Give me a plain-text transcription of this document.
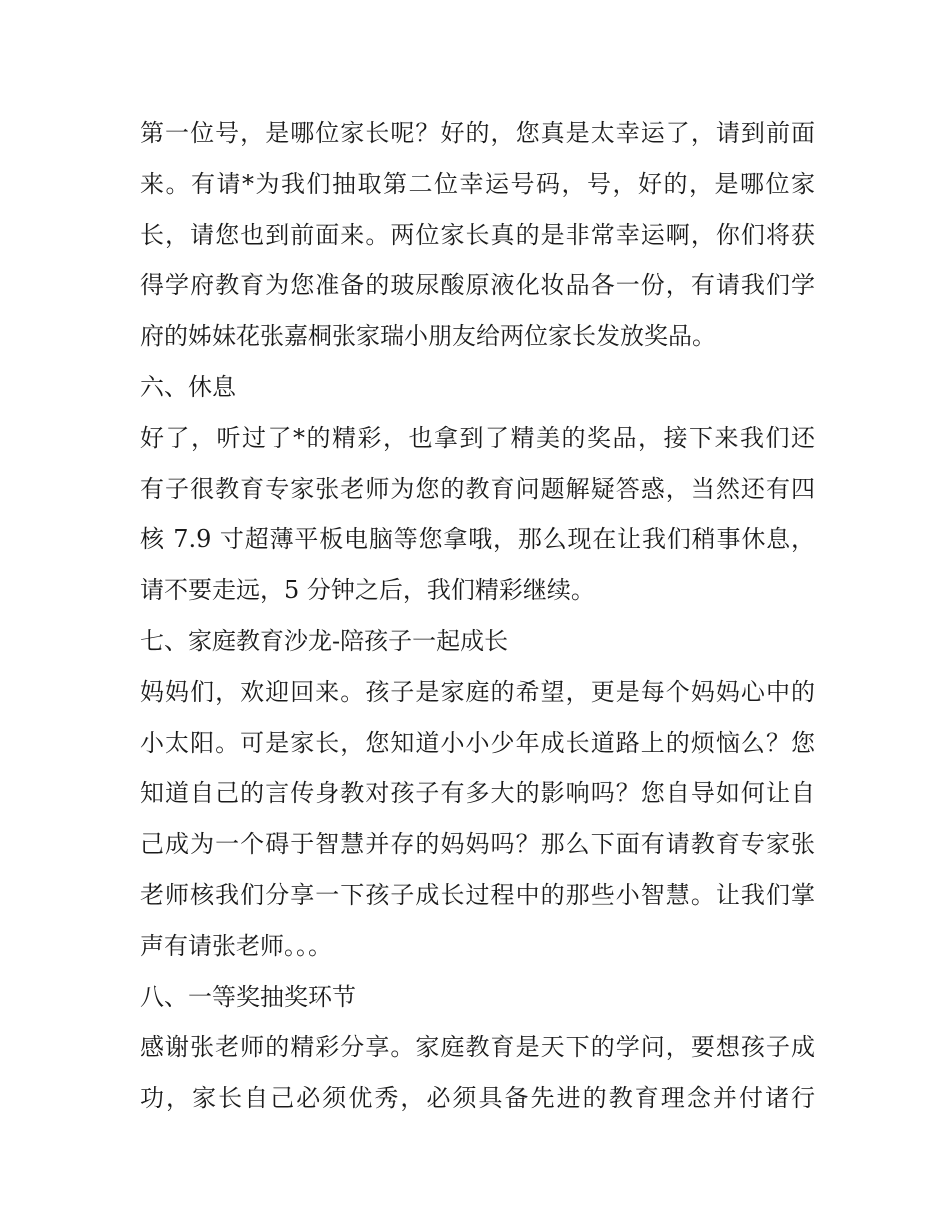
第一位号，是哪位家长呢？好的，您真是太幸运了，请到前面
来。有请*为我们抽取第二位幸运号码，号，好的，是哪位家
长，请您也到前面来。两位家长真的是非常幸运啊，你们将获
得学府教育为您准备的玻尿酸原液化妆品各一份，有请我们学
府的姊妹花张嘉桐张家瑞小朋友给两位家长发放奖品。
六、休息
好了，听过了*的精彩，也拿到了精美的奖品，接下来我们还
有子很教育专家张老师为您的教育问题解疑答惑，当然还有四
核 7.9 寸超薄平板电脑等您拿哦，那么现在让我们稍事休息，
请不要走远，5 分钟之后，我们精彩继续。
七、家庭教育沙龙-陪孩子一起成长
妈妈们，欢迎回来。孩子是家庭的希望，更是每个妈妈心中的
小太阳。可是家长，您知道小小少年成长道路上的烦恼么？您
知道自己的言传身教对孩子有多大的影响吗？您自导如何让自
己成为一个碍于智慧并存的妈妈吗？那么下面有请教育专家张
老师核我们分享一下孩子成长过程中的那些小智慧。让我们掌
声有请张老师。。。
八、一等奖抽奖环节
感谢张老师的精彩分享。家庭教育是天下的学问，要想孩子成
功，家长自己必须优秀，必须具备先进的教育理念并付诸行
